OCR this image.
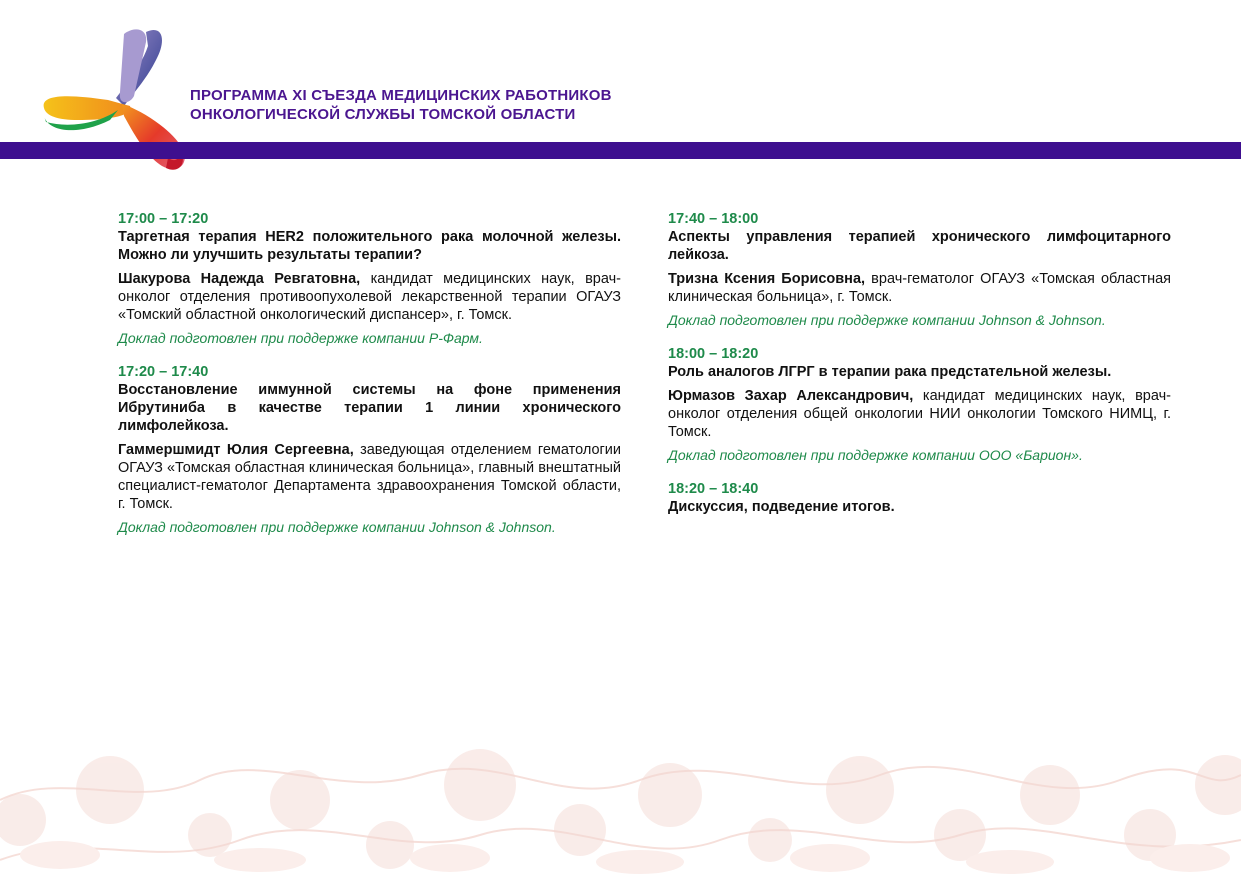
ПРОГРАММА XI СЪЕЗДА МЕДИЦИНСКИХ РАБОТНИКОВ
ОНКОЛОГИЧЕСКОЙ СЛУЖБЫ ТОМСКОЙ ОБЛАСТИ
17:00 – 17:20
Таргетная терапия HER2 положительного рака молочной железы. Можно ли улучшить результаты терапии?
Шакурова Надежда Ревгатовна, кандидат медицинских наук, врач-онколог отделения противоопухолевой лекарственной терапии ОГАУЗ «Томский областной онкологический диспансер», г. Томск.
Доклад подготовлен при поддержке компании Р-Фарм.
17:20 – 17:40
Восстановление иммунной системы на фоне применения Ибрутиниба в качестве терапии 1 линии хронического лимфолейкоза.
Гаммершмидт Юлия Сергеевна, заведующая отделением гематологии ОГАУЗ «Томская областная клиническая больница», главный внештатный специалист-гематолог Департамента здравоохранения Томской области, г. Томск.
Доклад подготовлен при поддержке компании Johnson & Johnson.
17:40 – 18:00
Аспекты управления терапией хронического лимфоцитарного лейкоза.
Тризна Ксения Борисовна, врач-гематолог ОГАУЗ «Томская областная клиническая больница», г. Томск.
Доклад подготовлен при поддержке компании Johnson & Johnson.
18:00 – 18:20
Роль аналогов ЛГРГ в терапии рака предстательной железы.
Юрмазов Захар Александрович, кандидат медицинских наук, врач-онколог отделения общей онкологии НИИ онкологии Томского НИМЦ, г. Томск.
Доклад подготовлен при поддержке компании ООО «Барион».
18:20 – 18:40
Дискуссия, подведение итогов.
